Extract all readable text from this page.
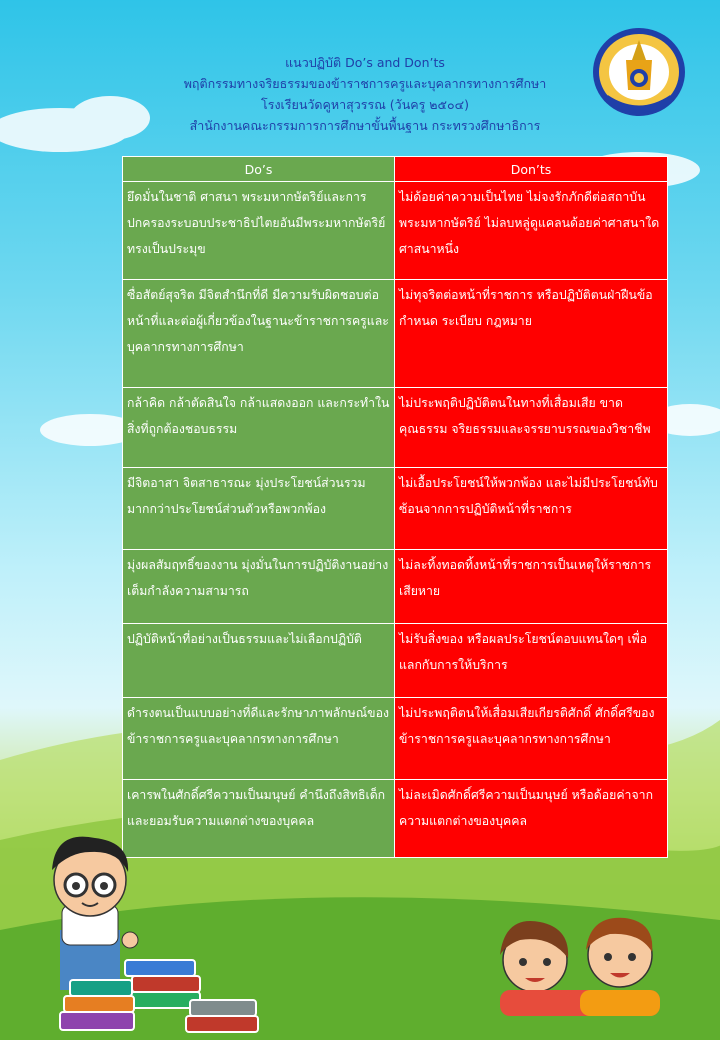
แนวปฏิบัติ Do’s and Don’ts
พฤติกรรมทางจริยธรรมของข้าราชการครูและบุคลากรทางการศึกษา
โรงเรียนวัดคูหาสุวรรณ (วันครู ๒๕๐๔)
สำนักงานคณะกรรมการการศึกษาขั้นพื้นฐาน กระทรวงศึกษาธิการ
Do’s	Don’ts
ยึดมั่นในชาติ ศาสนา พระมหากษัตริย์และการปกครองระบอบประชาธิปไตยอันมีพระมหากษัตริย์ทรงเป็นประมุข	ไม่ด้อยค่าความเป็นไทย ไม่จงรักภักดีต่อสถาบันพระมหากษัตริย์ ไม่ลบหลู่ดูแคลนด้อยค่าศาสนาใดศาสนาหนึ่ง
ซื่อสัตย์สุจริต มีจิตสำนึกที่ดี มีความรับผิดชอบต่อหน้าที่และต่อผู้เกี่ยวข้องในฐานะข้าราชการครูและบุคลากรทางการศึกษา	ไม่ทุจริตต่อหน้าที่ราชการ หรือปฏิบัติตนฝ่าฝืนข้อกำหนด ระเบียบ กฎหมาย
กล้าคิด กล้าตัดสินใจ กล้าแสดงออก และกระทำในสิ่งที่ถูกต้องชอบธรรม	ไม่ประพฤติปฏิบัติตนในทางที่เสื่อมเสีย ขาดคุณธรรม จริยธรรมและจรรยาบรรณของวิชาชีพ
มีจิตอาสา จิตสาธารณะ มุ่งประโยชน์ส่วนรวมมากกว่าประโยชน์ส่วนตัวหรือพวกพ้อง	ไม่เอื้อประโยชน์ให้พวกพ้อง และไม่มีประโยชน์ทับซ้อนจากการปฏิบัติหน้าที่ราชการ
มุ่งผลสัมฤทธิ์ของงาน มุ่งมั่นในการปฏิบัติงานอย่างเต็มกำลังความสามารถ	ไม่ละทิ้งทอดทิ้งหน้าที่ราชการเป็นเหตุให้ราชการเสียหาย
ปฏิบัติหน้าที่อย่างเป็นธรรมและไม่เลือกปฏิบัติ	ไม่รับสิ่งของ หรือผลประโยชน์ตอบแทนใดๆ เพื่อแลกกับการให้บริการ
ดำรงตนเป็นแบบอย่างที่ดีและรักษาภาพลักษณ์ของข้าราชการครูและบุคลากรทางการศึกษา	ไม่ประพฤติตนให้เสื่อมเสียเกียรติศักดิ์ ศักดิ์ศรีของข้าราชการครูและบุคลากรทางการศึกษา
เคารพในศักดิ์ศรีความเป็นมนุษย์ คำนึงถึงสิทธิเด็ก และยอมรับความแตกต่างของบุคคล	ไม่ละเมิดศักดิ์ศรีความเป็นมนุษย์ หรือด้อยค่าจากความแตกต่างของบุคคล
